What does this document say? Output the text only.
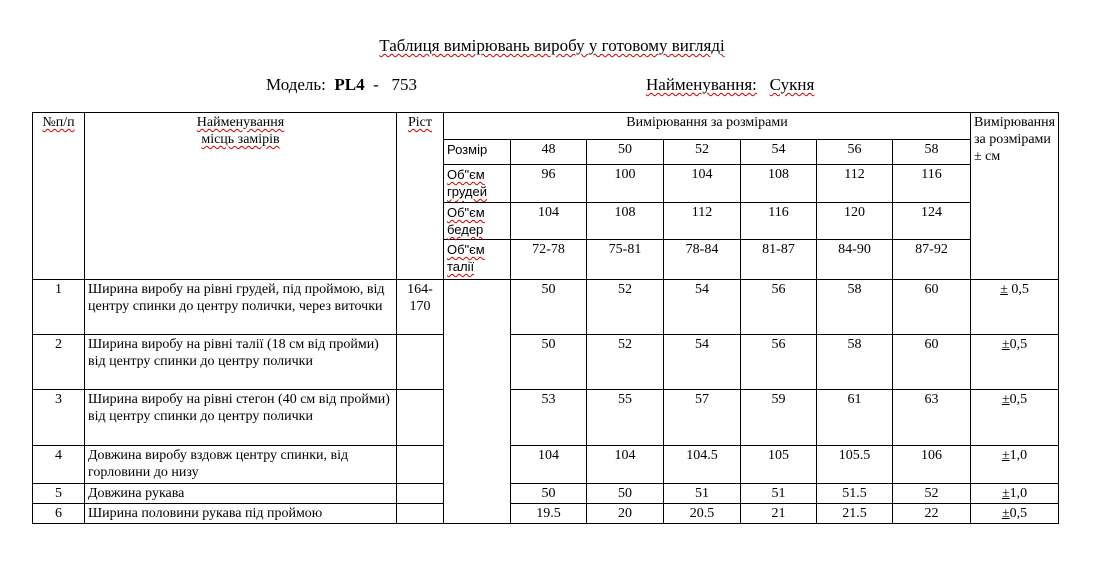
Таблиця вимірювань виробу у готовому вигляді
Модель: PL4 - 753	Найменування: Сукня
№п/п	Найменування
місць замірів	Ріст	Вимірювання за розмірами							Вимірювання за розмірами ± см
			Розмір	48	50	52	54	56	58	
			Об"єм грудей	96	100	104	108	112	116	
			Об"єм бедер	104	108	112	116	120	124	
			Об"єм талії	72-78	75-81	78-84	81-87	84-90	87-92	
1	Ширина виробу на рівні грудей, під проймою, від центру спинки до центру полички, через виточки	164-170		50	52	54	56	58	60	± 0,5
2	Ширина виробу на рівні талії (18 см від пройми) від центру спинки до центру полички			50	52	54	56	58	60	±0,5
3	Ширина виробу на рівні стегон (40 см від пройми) від центру спинки до центру полички			53	55	57	59	61	63	±0,5
4	Довжина виробу вздовж центру спинки, від горловини до низу			104	104	104.5	105	105.5	106	±1,0
5	Довжина рукава			50	50	51	51	51.5	52	±1,0
6	Ширина половини рукава під проймою			19.5	20	20.5	21	21.5	22	±0,5
